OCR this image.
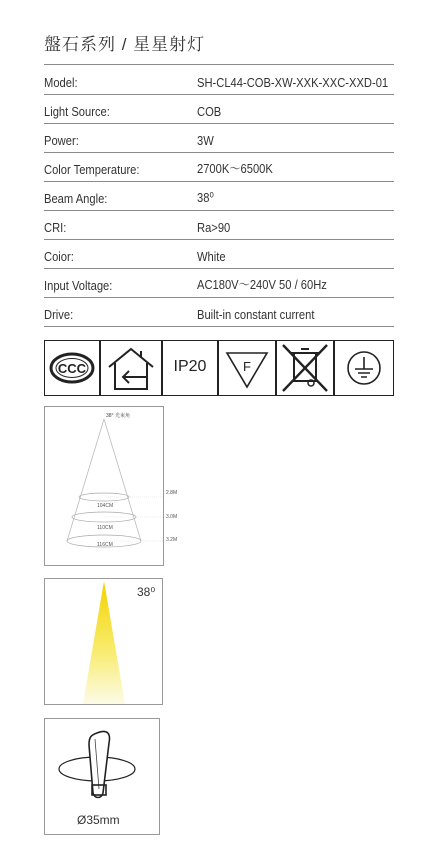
盤石系列 / 星星射灯
Model:	SH-CL44-COB-XW-XXK-XXC-XXD-01
Light Source:	COB
Power:	3W
Color Temperature:	2700K～6500K
Beam Angle:	38⁰
CRI:	Ra>90
Coior:	White
Input Voltage:	AC180V～240V 50 / 60Hz
Drive:	Built-in constant current
CCC	IP20	F
38° 光束角
104CM
110CM
116CM
2.8M
3.0M
3.2M
38⁰
Ø35mm
